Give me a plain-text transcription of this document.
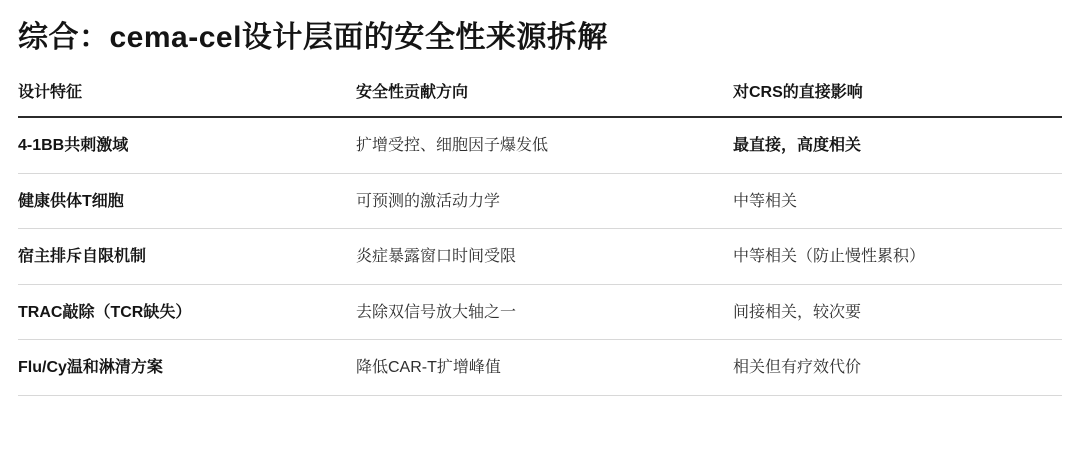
综合：cema-cel设计层面的安全性来源拆解
设计特征	安全性贡献方向	对CRS的直接影响
4-1BB共刺激域	扩增受控、细胞因子爆发低	最直接，高度相关
健康供体T细胞	可预测的激活动力学	中等相关
宿主排斥自限机制	炎症暴露窗口时间受限	中等相关（防止慢性累积）
TRAC敲除（TCR缺失）	去除双信号放大轴之一	间接相关，较次要
Flu/Cy温和淋清方案	降低CAR-T扩增峰值	相关但有疗效代价
